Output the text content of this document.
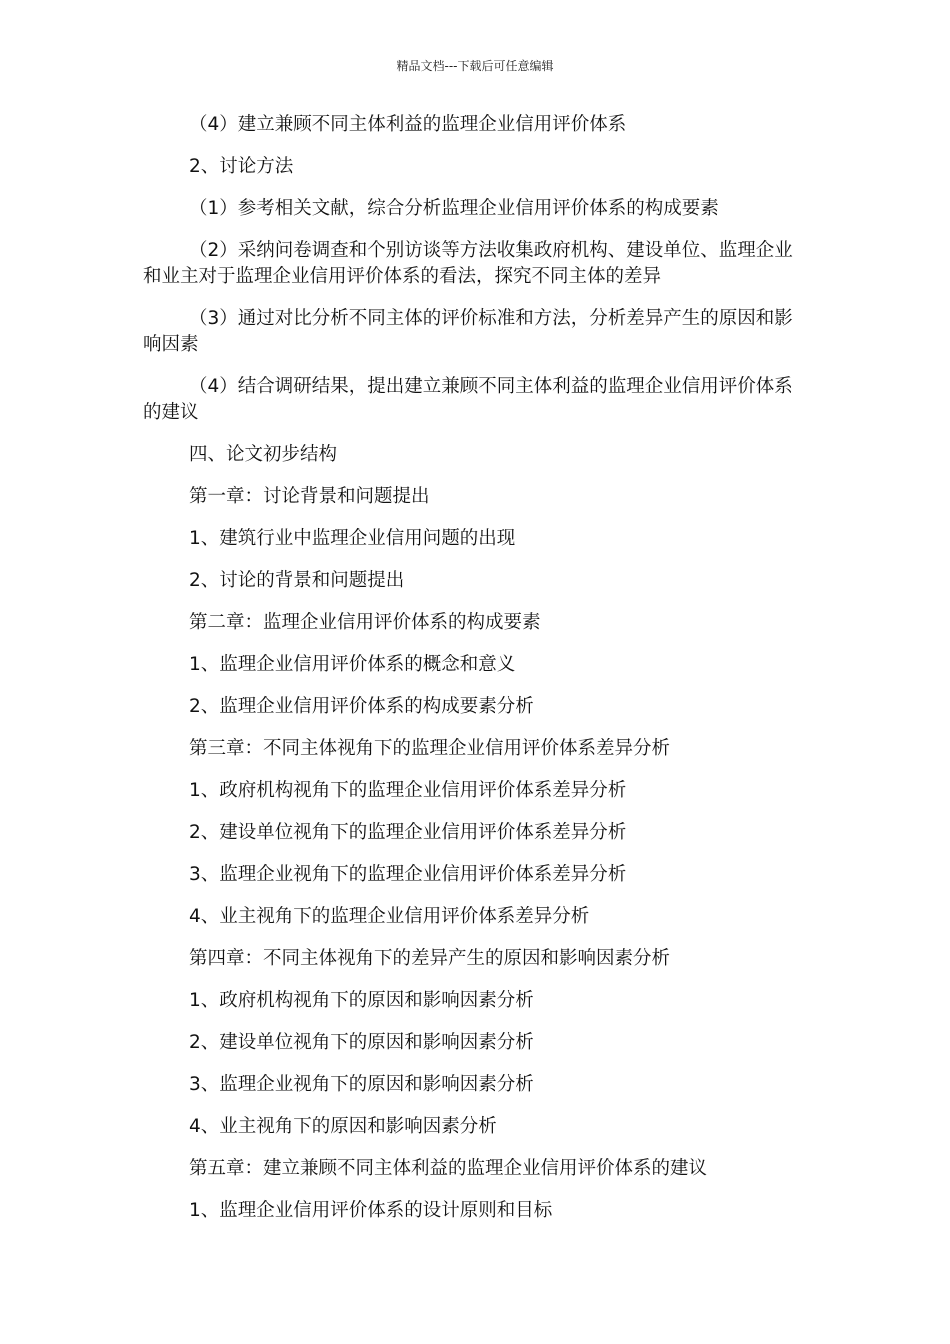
精品文档---下载后可任意编辑

（4）建立兼顾不同主体利益的监理企业信用评价体系

2、讨论方法

（1）参考相关文献，综合分析监理企业信用评价体系的构成要素

（2）采纳问卷调查和个别访谈等方法收集政府机构、建设单位、监理企业和业主对于监理企业信用评价体系的看法，探究不同主体的差异

（3）通过对比分析不同主体的评价标准和方法，分析差异产生的原因和影响因素

（4）结合调研结果，提出建立兼顾不同主体利益的监理企业信用评价体系的建议

四、论文初步结构

第一章：讨论背景和问题提出

1、建筑行业中监理企业信用问题的出现

2、讨论的背景和问题提出

第二章：监理企业信用评价体系的构成要素

1、监理企业信用评价体系的概念和意义

2、监理企业信用评价体系的构成要素分析

第三章：不同主体视角下的监理企业信用评价体系差异分析

1、政府机构视角下的监理企业信用评价体系差异分析

2、建设单位视角下的监理企业信用评价体系差异分析

3、监理企业视角下的监理企业信用评价体系差异分析

4、业主视角下的监理企业信用评价体系差异分析

第四章：不同主体视角下的差异产生的原因和影响因素分析

1、政府机构视角下的原因和影响因素分析

2、建设单位视角下的原因和影响因素分析

3、监理企业视角下的原因和影响因素分析

4、业主视角下的原因和影响因素分析

第五章：建立兼顾不同主体利益的监理企业信用评价体系的建议

1、监理企业信用评价体系的设计原则和目标
